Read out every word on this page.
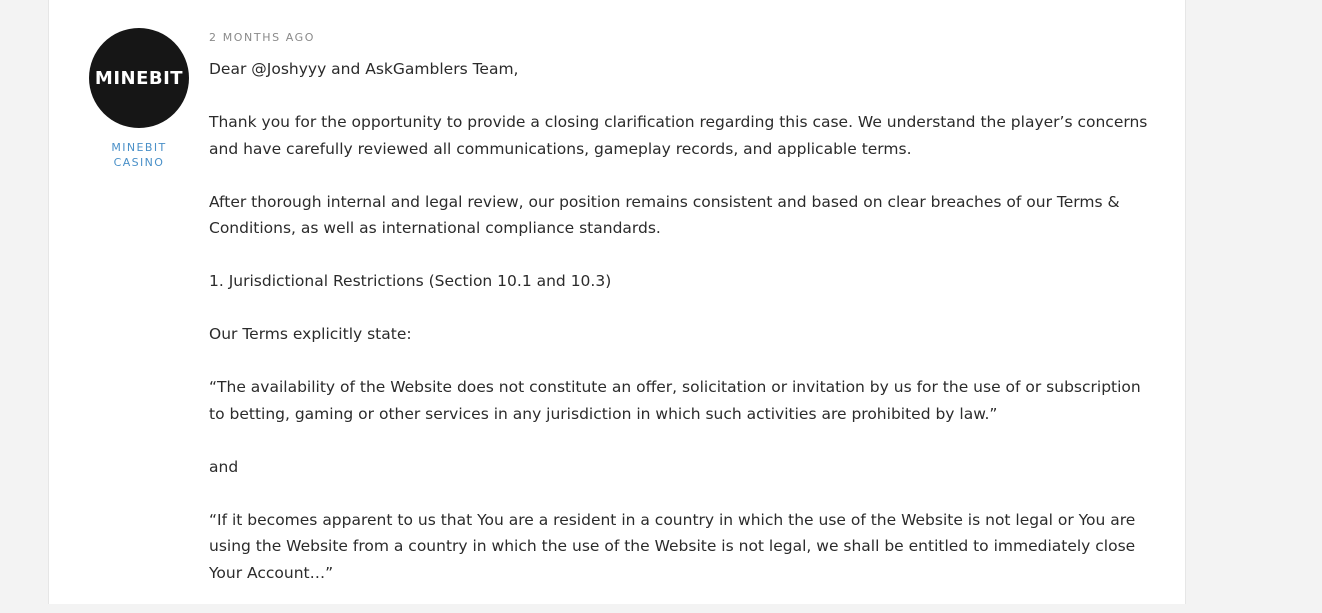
MINEBIT
MINEBIT
CASINO
2 MONTHS AGO

Dear @Joshyyy and AskGamblers Team,

Thank you for the opportunity to provide a closing clarification regarding this case. We understand the player’s concerns and have carefully reviewed all communications, gameplay records, and applicable terms.

After thorough internal and legal review, our position remains consistent and based on clear breaches of our Terms & Conditions, as well as international compliance standards.

1. Jurisdictional Restrictions (Section 10.1 and 10.3)

Our Terms explicitly state:

“The availability of the Website does not constitute an offer, solicitation or invitation by us for the use of or subscription to betting, gaming or other services in any jurisdiction in which such activities are prohibited by law.”

and

“If it becomes apparent to us that You are a resident in a country in which the use of the Website is not legal or You are using the Website from a country in which the use of the Website is not legal, we shall be entitled to immediately close Your Account…”
